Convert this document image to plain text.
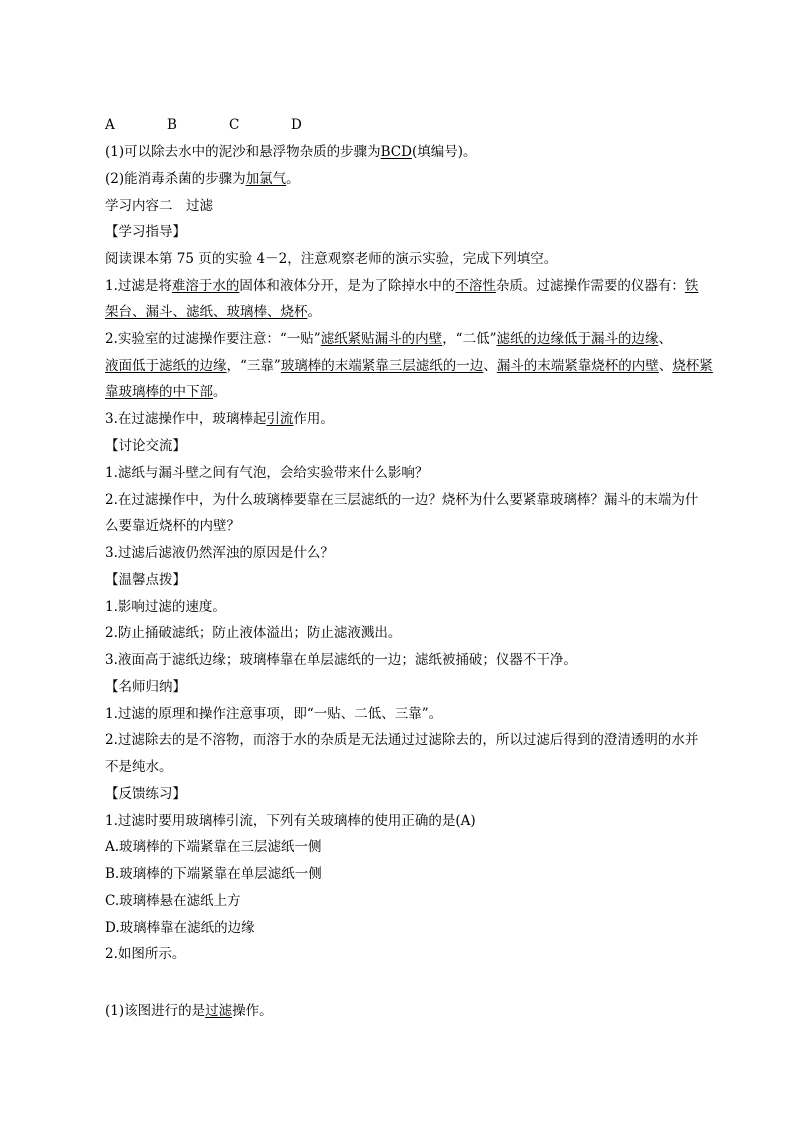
A	B	C	D
(1)可以除去水中的泥沙和悬浮物杂质的步骤为BCD(填编号)。
(2)能消毒杀菌的步骤为加氯气。
学习内容二　过滤
【学习指导】
阅读课本第 75 页的实验 4－2，注意观察老师的演示实验，完成下列填空。
1.过滤是将难溶于水的固体和液体分开，是为了除掉水中的不溶性杂质。过滤操作需要的仪器有：铁
架台、漏斗、滤纸、玻璃棒、烧杯。
2.实验室的过滤操作要注意：“一贴”滤纸紧贴漏斗的内壁，“二低”滤纸的边缘低于漏斗的边缘、
液面低于滤纸的边缘，“三靠”玻璃棒的末端紧靠三层滤纸的一边、漏斗的末端紧靠烧杯的内壁、烧杯紧
靠玻璃棒的中下部。
3.在过滤操作中，玻璃棒起引流作用。
【讨论交流】
1.滤纸与漏斗壁之间有气泡，会给实验带来什么影响？
2.在过滤操作中，为什么玻璃棒要靠在三层滤纸的一边？烧杯为什么要紧靠玻璃棒？漏斗的末端为什
么要靠近烧杯的内壁？
3.过滤后滤液仍然浑浊的原因是什么？
【温馨点拨】
1.影响过滤的速度。
2.防止捅破滤纸；防止液体溢出；防止滤液溅出。
3.液面高于滤纸边缘；玻璃棒靠在单层滤纸的一边；滤纸被捅破；仪器不干净。
【名师归纳】
1.过滤的原理和操作注意事项，即“一贴、二低、三靠”。
2.过滤除去的是不溶物，而溶于水的杂质是无法通过过滤除去的，所以过滤后得到的澄清透明的水并
不是纯水。
【反馈练习】
1.过滤时要用玻璃棒引流，下列有关玻璃棒的使用正确的是(A)
A.玻璃棒的下端紧靠在三层滤纸一侧
B.玻璃棒的下端紧靠在单层滤纸一侧
C.玻璃棒悬在滤纸上方
D.玻璃棒靠在滤纸的边缘
2.如图所示。
(1)该图进行的是过滤操作。
